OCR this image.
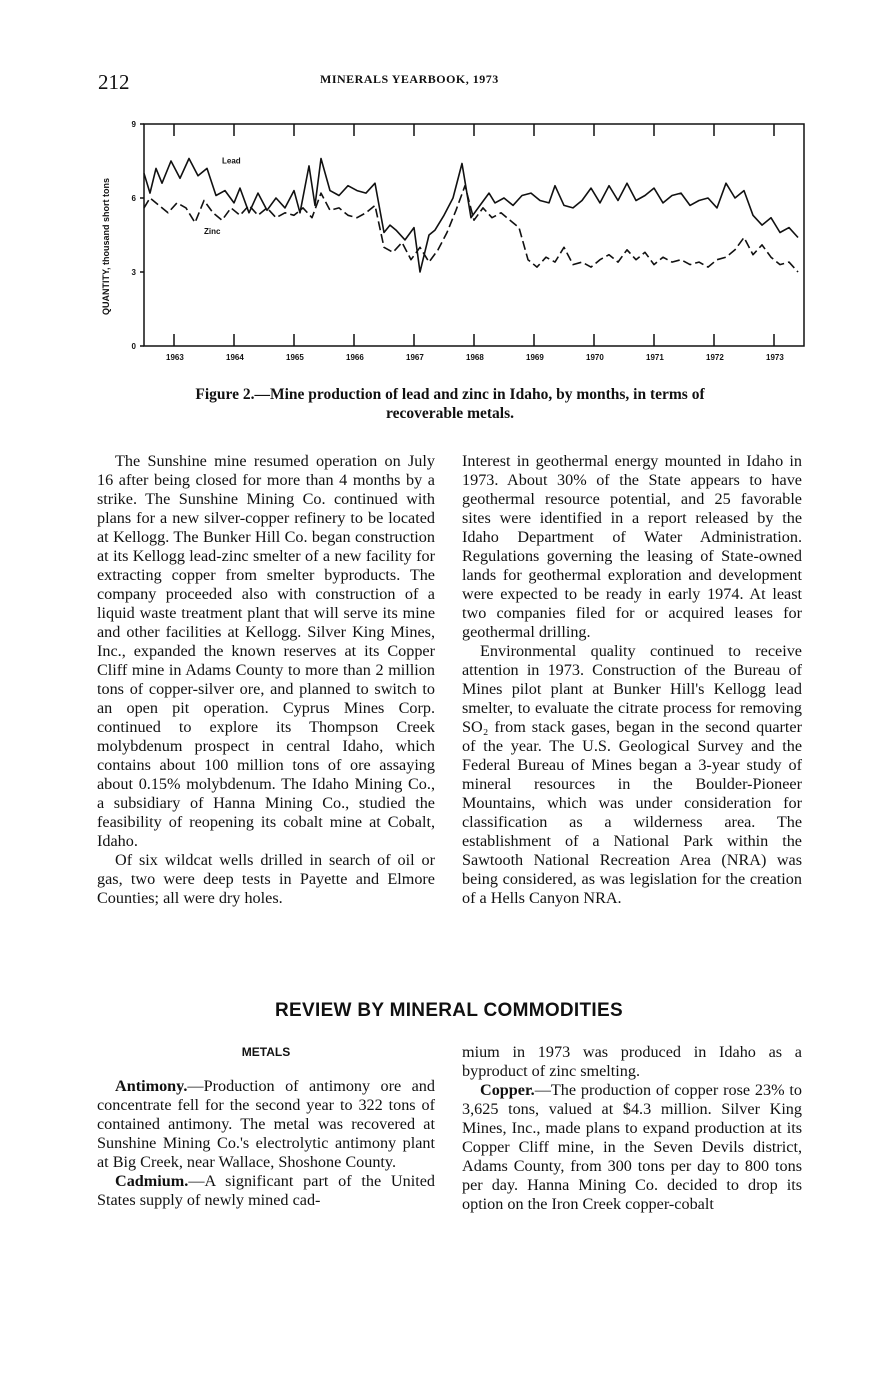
212	MINERALS YEARBOOK, 1973
1963	1964	1965	1966	1967	1968	1969	1970	1971	1972	1973
0
3
6
9
Lead
Zinc
QUANTITY, thousand short tons
Figure 2.—Mine production of lead and zinc in Idaho, by months, in terms of recoverable metals.

The Sunshine mine resumed operation on July 16 after being closed for more than 4 months by a strike. The Sunshine Mining Co. continued with plans for a new silver-copper refinery to be located at Kellogg. The Bunker Hill Co. began construction at its Kellogg lead-zinc smelter of a new facility for extracting copper from smelter byproducts. The company proceeded also with construction of a liquid waste treatment plant that will serve its mine and other facilities at Kellogg. Silver King Mines, Inc., expanded the known reserves at its Copper Cliff mine in Adams County to more than 2 million tons of copper-silver ore, and planned to switch to an open pit operation. Cyprus Mines Corp. continued to explore its Thompson Creek molybdenum prospect in central Idaho, which contains about 100 million tons of ore assaying about 0.15% molybdenum. The Idaho Mining Co., a subsidiary of Hanna Mining Co., studied the feasibility of reopening its cobalt mine at Cobalt, Idaho.

Of six wildcat wells drilled in search of oil or gas, two were deep tests in Payette and Elmore Counties; all were dry holes.

Interest in geothermal energy mounted in Idaho in 1973. About 30% of the State appears to have geothermal resource potential, and 25 favorable sites were identified in a report released by the Idaho Department of Water Administration. Regulations governing the leasing of State-owned lands for geothermal exploration and development were expected to be ready in early 1974. At least two companies filed for or acquired leases for geothermal drilling.

Environmental quality continued to receive attention in 1973. Construction of the Bureau of Mines pilot plant at Bunker Hill's Kellogg lead smelter, to evaluate the citrate process for removing SO₂ from stack gases, began in the second quarter of the year. The U.S. Geological Survey and the Federal Bureau of Mines began a 3-year study of mineral resources in the Boulder-Pioneer Mountains, which was under consideration for classification as a wilderness area. The establishment of a National Park within the Sawtooth National Recreation Area (NRA) was being considered, as was legislation for the creation of a Hells Canyon NRA.

REVIEW BY MINERAL COMMODITIES
METALS

Antimony.—Production of antimony ore and concentrate fell for the second year to 322 tons of contained antimony. The metal was recovered at Sunshine Mining Co.'s electrolytic antimony plant at Big Creek, near Wallace, Shoshone County.

Cadmium.—A significant part of the United States supply of newly mined cad-

mium in 1973 was produced in Idaho as a byproduct of zinc smelting.

Copper.—The production of copper rose 23% to 3,625 tons, valued at $4.3 million. Silver King Mines, Inc., made plans to expand production at its Copper Cliff mine, in the Seven Devils district, Adams County, from 300 tons per day to 800 tons per day. Hanna Mining Co. decided to drop its option on the Iron Creek copper-cobalt
